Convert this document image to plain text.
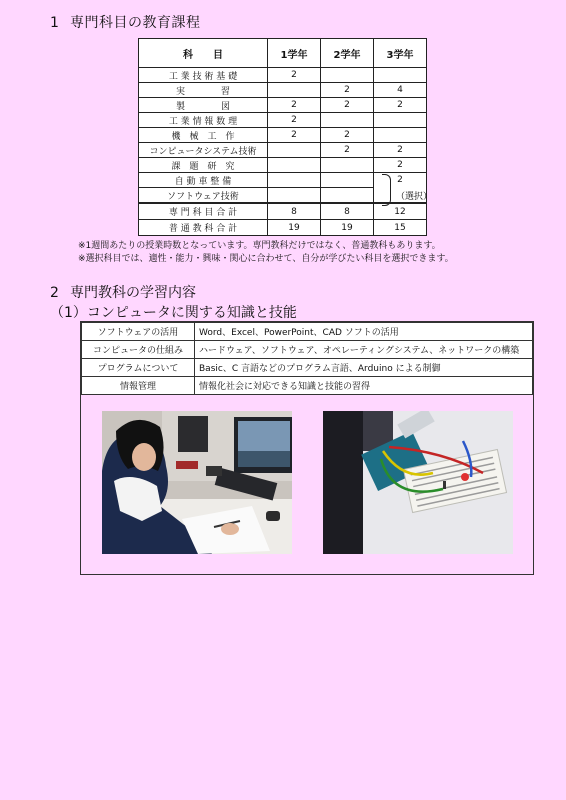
1 専門科目の教育課程
科　　目	1学年	2学年	3学年
工 業 技 術 基 礎	2		
実　　　　習		2	4
製　　　　図	2	2	2
工 業 情 報 数 理	2		
機　械　工　作	2	2	
コンピュータシステム技術		2	2
課　題　研　究			2
自 動 車 整 備			2
ソフトウェア技術			
専 門 科 目 合 計	8	8	12
普 通 教 科 合 計	19	19	15
（選択）
※1週間あたりの授業時数となっています。専門教科だけではなく、普通教科もあります。
※選択科目では、適性・能力・興味・関心に合わせて、自分が学びたい科目を選択できます。
2 専門教科の学習内容
（1）コンピュータに関する知識と技能
ソフトウェアの活用	Word、Excel、PowerPoint、CAD ソフトの活用
コンピュータの仕組み	ハードウェア、ソフトウェア、オペレーティングシステム、ネットワークの構築
プログラムについて	Basic、C 言語などのプログラム言語、Arduino による制御
情報管理	情報化社会に対応できる知識と技能の習得
